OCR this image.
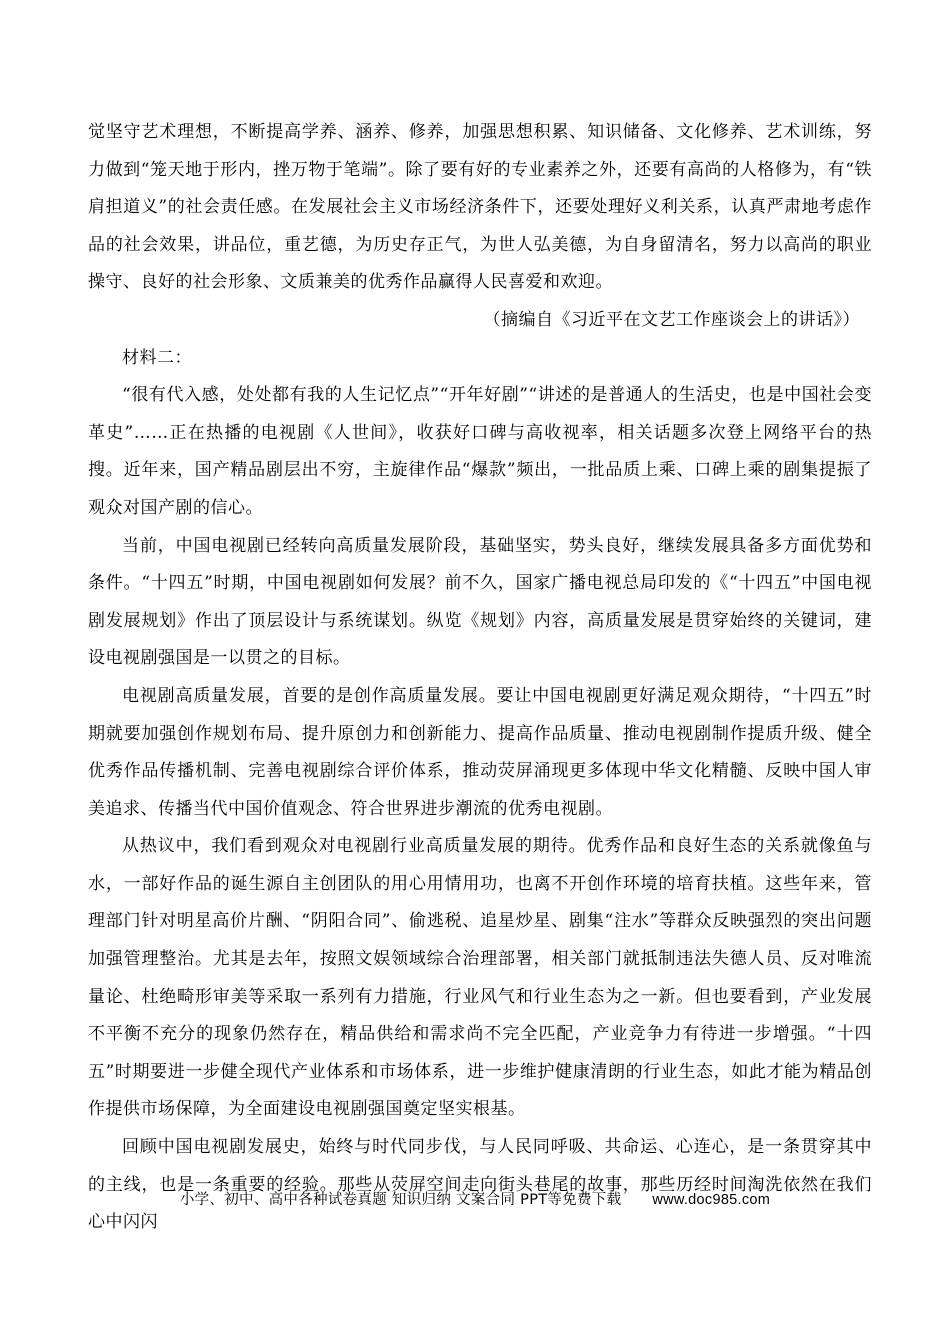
觉坚守艺术理想，不断提高学养、涵养、修养，加强思想积累、知识储备、文化修养、艺术训练，努力做到“笼天地于形内，挫万物于笔端”。除了要有好的专业素养之外，还要有高尚的人格修为，有“铁肩担道义”的社会责任感。在发展社会主义市场经济条件下，还要处理好义利关系，认真严肃地考虑作品的社会效果，讲品位，重艺德，为历史存正气，为世人弘美德，为自身留清名，努力以高尚的职业操守、良好的社会形象、文质兼美的优秀作品赢得人民喜爱和欢迎。

（摘编自《习近平在文艺工作座谈会上的讲话》）

材料二：

“很有代入感，处处都有我的人生记忆点”“开年好剧”“讲述的是普通人的生活史，也是中国社会变革史”……正在热播的电视剧《人世间》，收获好口碑与高收视率，相关话题多次登上网络平台的热搜。近年来，国产精品剧层出不穷，主旋律作品“爆款”频出，一批品质上乘、口碑上乘的剧集提振了观众对国产剧的信心。

当前，中国电视剧已经转向高质量发展阶段，基础坚实，势头良好，继续发展具备多方面优势和条件。“十四五”时期，中国电视剧如何发展？前不久，国家广播电视总局印发的《“十四五”中国电视剧发展规划》作出了顶层设计与系统谋划。纵览《规划》内容，高质量发展是贯穿始终的关键词，建设电视剧强国是一以贯之的目标。

电视剧高质量发展，首要的是创作高质量发展。要让中国电视剧更好满足观众期待，“十四五”时期就要加强创作规划布局、提升原创力和创新能力、提高作品质量、推动电视剧制作提质升级、健全优秀作品传播机制、完善电视剧综合评价体系，推动荧屏涌现更多体现中华文化精髓、反映中国人审美追求、传播当代中国价值观念、符合世界进步潮流的优秀电视剧。

从热议中，我们看到观众对电视剧行业高质量发展的期待。优秀作品和良好生态的关系就像鱼与水，一部好作品的诞生源自主创团队的用心用情用功，也离不开创作环境的培育扶植。这些年来，管理部门针对明星高价片酬、“阴阳合同”、偷逃税、追星炒星、剧集“注水”等群众反映强烈的突出问题加强管理整治。尤其是去年，按照文娱领域综合治理部署，相关部门就抵制违法失德人员、反对唯流量论、杜绝畸形审美等采取一系列有力措施，行业风气和行业生态为之一新。但也要看到，产业发展不平衡不充分的现象仍然存在，精品供给和需求尚不完全匹配，产业竞争力有待进一步增强。“十四五”时期要进一步健全现代产业体系和市场体系，进一步维护健康清朗的行业生态，如此才能为精品创作提供市场保障，为全面建设电视剧强国奠定坚实根基。

回顾中国电视剧发展史，始终与时代同步伐，与人民同呼吸、共命运、心连心，是一条贯穿其中的主线，也是一条重要的经验。那些从荧屏空间走向街头巷尾的故事，那些历经时间淘洗依然在我们心中闪闪

小学、初中、高中各种试卷真题 知识归纳 文案合同 PPT等免费下载 www.doc985.com
